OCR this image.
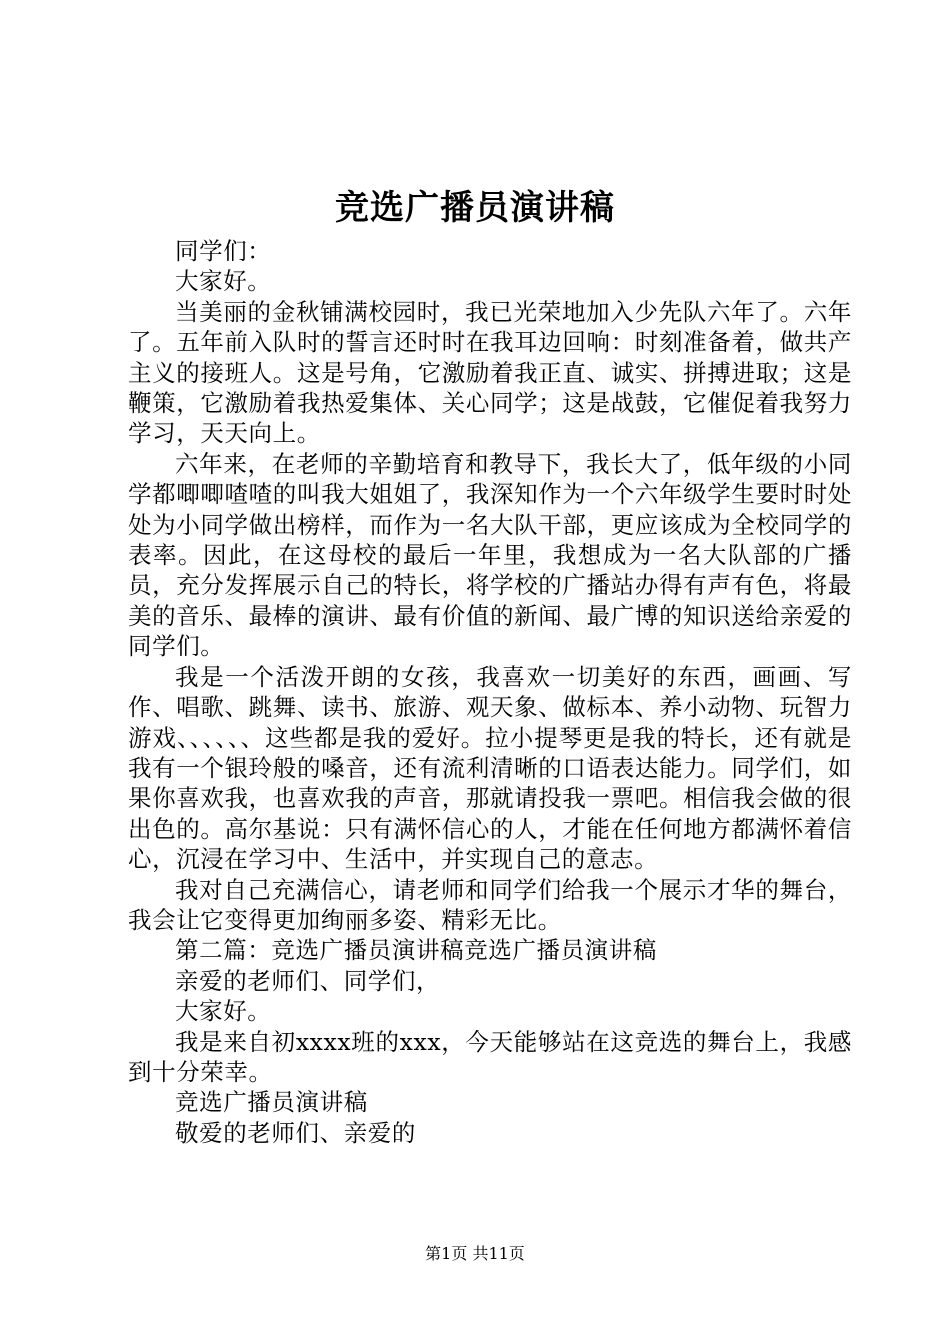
竞选广播员演讲稿

同学们：

大家好。

当美丽的金秋铺满校园时，我已光荣地加入少先队六年了。六年了。五年前入队时的誓言还时时在我耳边回响：时刻准备着，做共产主义的接班人。这是号角，它激励着我正直、诚实、拼搏进取；这是鞭策，它激励着我热爱集体、关心同学；这是战鼓，它催促着我努力学习，天天向上。

六年来，在老师的辛勤培育和教导下，我长大了，低年级的小同学都唧唧喳喳的叫我大姐姐了，我深知作为一个六年级学生要时时处处为小同学做出榜样，而作为一名大队干部，更应该成为全校同学的表率。因此，在这母校的最后一年里，我想成为一名大队部的广播员，充分发挥展示自己的特长，将学校的广播站办得有声有色，将最美的音乐、最棒的演讲、最有价值的新闻、最广博的知识送给亲爱的同学们。

我是一个活泼开朗的女孩，我喜欢一切美好的东西，画画、写作、唱歌、跳舞、读书、旅游、观天象、做标本、养小动物、玩智力游戏、、、、、、这些都是我的爱好。拉小提琴更是我的特长，还有就是我有一个银玲般的嗓音，还有流利清晰的口语表达能力。同学们，如果你喜欢我，也喜欢我的声音，那就请投我一票吧。相信我会做的很出色的。高尔基说：只有满怀信心的人，才能在任何地方都满怀着信心，沉浸在学习中、生活中，并实现自己的意志。

我对自己充满信心，请老师和同学们给我一个展示才华的舞台，我会让它变得更加绚丽多姿、精彩无比。

第二篇：竞选广播员演讲稿竞选广播员演讲稿

亲爱的老师们、同学们，

大家好。

我是来自初xxxx班的xxx，今天能够站在这竞选的舞台上，我感到十分荣幸。

竞选广播员演讲稿

敬爱的老师们、亲爱的

第1页 共11页
